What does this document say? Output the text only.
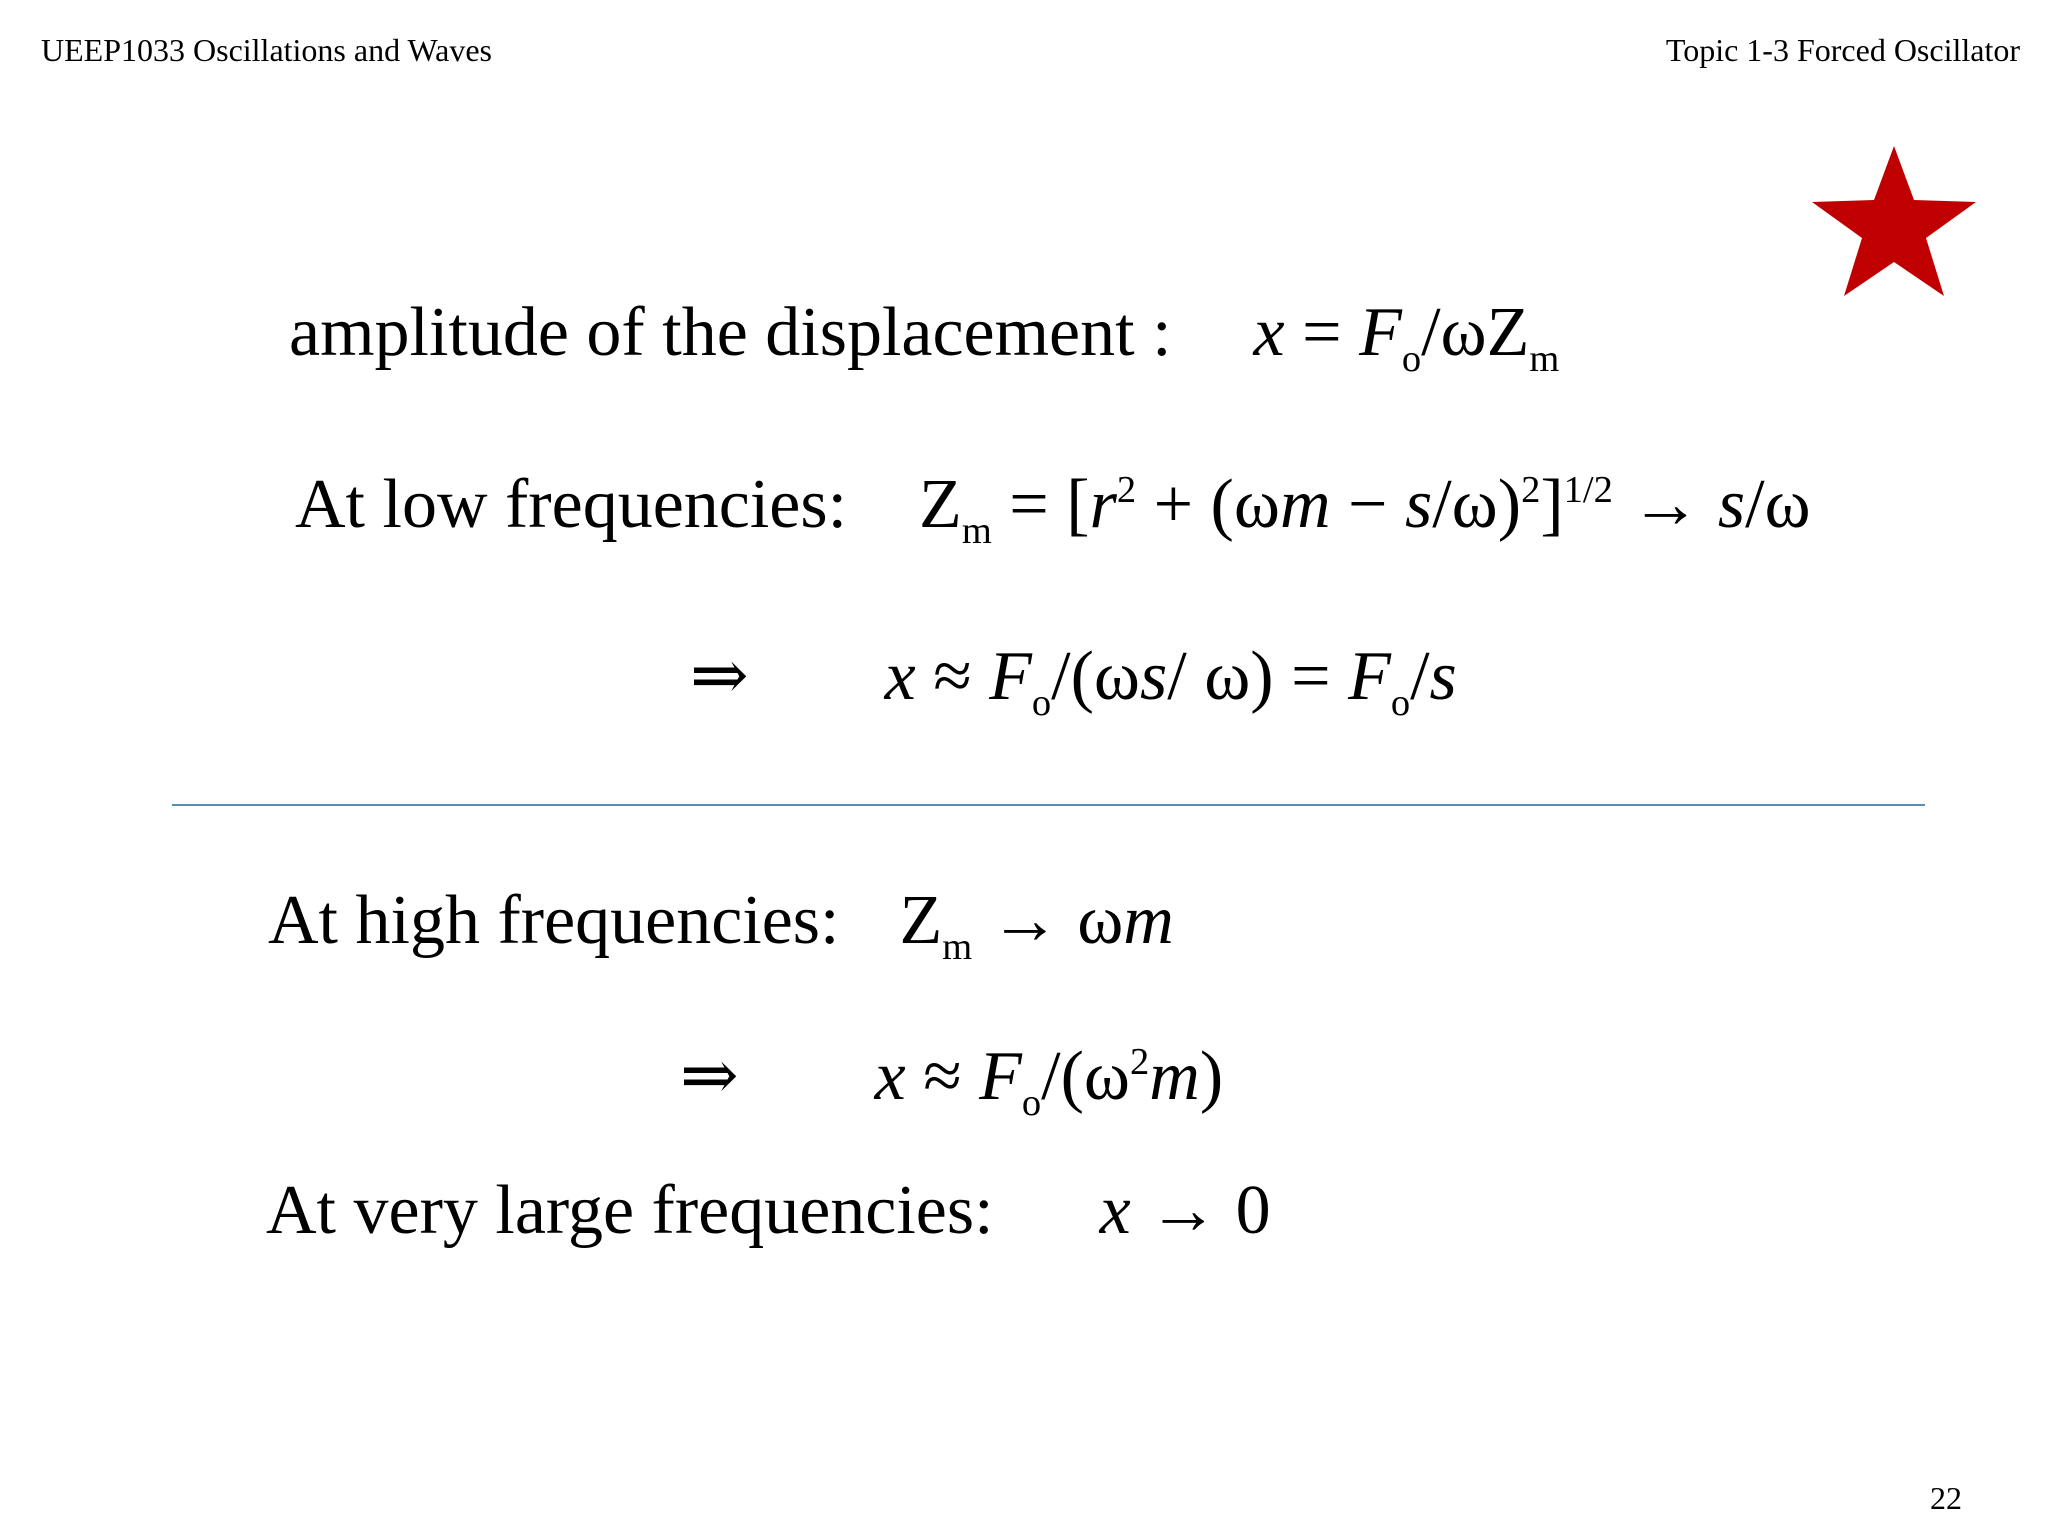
UEEP1033 Oscillations and Waves	Topic 1-3 Forced Oscillator
amplitude of the displacement : $x = F_o/\omega Z_m$
At low frequencies: $Z_m = [r^2 + (\omega m - s/\omega)^2]^{1/2} \to s/\omega$
⇒ $x \approx F_o/(\omega s/$ $\omega) = F_o/s$
At high frequencies: $Z_m \to \omega m$
⇒ $x \approx F_o/(\omega^2m)$
At very large frequencies: x → 0
22
